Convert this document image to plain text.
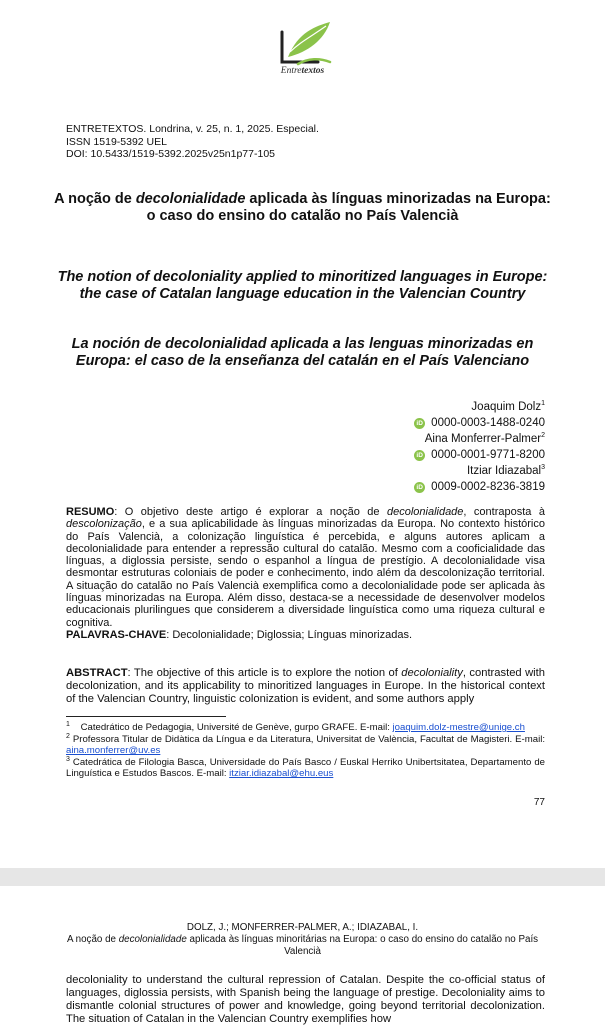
Entretextos
ENTRETEXTOS. Londrina, v. 25, n. 1, 2025. Especial.
ISSN 1519-5392 UEL
DOI: 10.5433/1519-5392.2025v25n1p77-105
A noção de decolonialidade aplicada às línguas minorizadas na Europa: o caso do ensino do catalão no País Valencià
The notion of decoloniality applied to minoritized languages in Europe: the case of Catalan language education in the Valencian Country
La noción de decolonialidad aplicada a las lenguas minorizadas en Europa: el caso de la enseñanza del catalán en el País Valenciano
Joaquim Dolz$^1$
iD 0000-0003-1488-0240
Aina Monferrer-Palmer$^2$
iD 0000-0001-9771-8200
Itziar Idiazabal$^3$
iD 0009-0002-8236-3819
RESUMO: O objetivo deste artigo é explorar a noção de decolonialidade, contraposta à descolonização, e a sua aplicabilidade às línguas minorizadas da Europa. No contexto histórico do País Valencià, a colonização linguística é percebida, e alguns autores aplicam a decolonialidade para entender a repressão cultural do catalão. Mesmo com a cooficialidade das línguas, a diglossia persiste, sendo o espanhol a língua de prestígio. A decolonialidade visa desmontar estruturas coloniais de poder e conhecimento, indo além da descolonização territorial. A situação do catalão no País Valencià exemplifica como a decolonialidade pode ser aplicada às línguas minorizadas na Europa. Além disso, destaca-se a necessidade de desenvolver modelos educacionais plurilingues que considerem a diversidade linguística como uma riqueza cultural e cognitiva.
PALAVRAS-CHAVE: Decolonialidade; Diglossia; Línguas minorizadas.
ABSTRACT: The objective of this article is to explore the notion of decoloniality, contrasted with decolonization, and its applicability to minoritized languages in Europe. In the historical context of the Valencian Country, linguistic colonization is evident, and some authors apply
$^1$ Catedrático de Pedagogia, Université de Genève, gurpo GRAFE. E-mail: joaquim.dolz-mestre@unige.ch
$^2$ Professora Titular de Didàtica da Língua e da Literatura, Universitat de València, Facultat de Magisteri. E-mail: aina.monferrer@uv.es
$^3$ Catedrática de Filologia Basca, Universidade do País Basco / Euskal Herriko Unibertsitatea, Departamento de Linguística e Estudos Bascos. E-mail: itziar.idiazabal@ehu.eus
77
DOLZ, J.; MONFERRER-PALMER, A.; IDIAZABAL, I.
A noção de decolonialidade aplicada às línguas minoritárias na Europa: o caso do ensino do catalão no País Valencià
decoloniality to understand the cultural repression of Catalan. Despite the co-official status of languages, diglossia persists, with Spanish being the language of prestige. Decoloniality aims to dismantle colonial structures of power and knowledge, going beyond territorial decolonization. The situation of Catalan in the Valencian Country exemplifies how
